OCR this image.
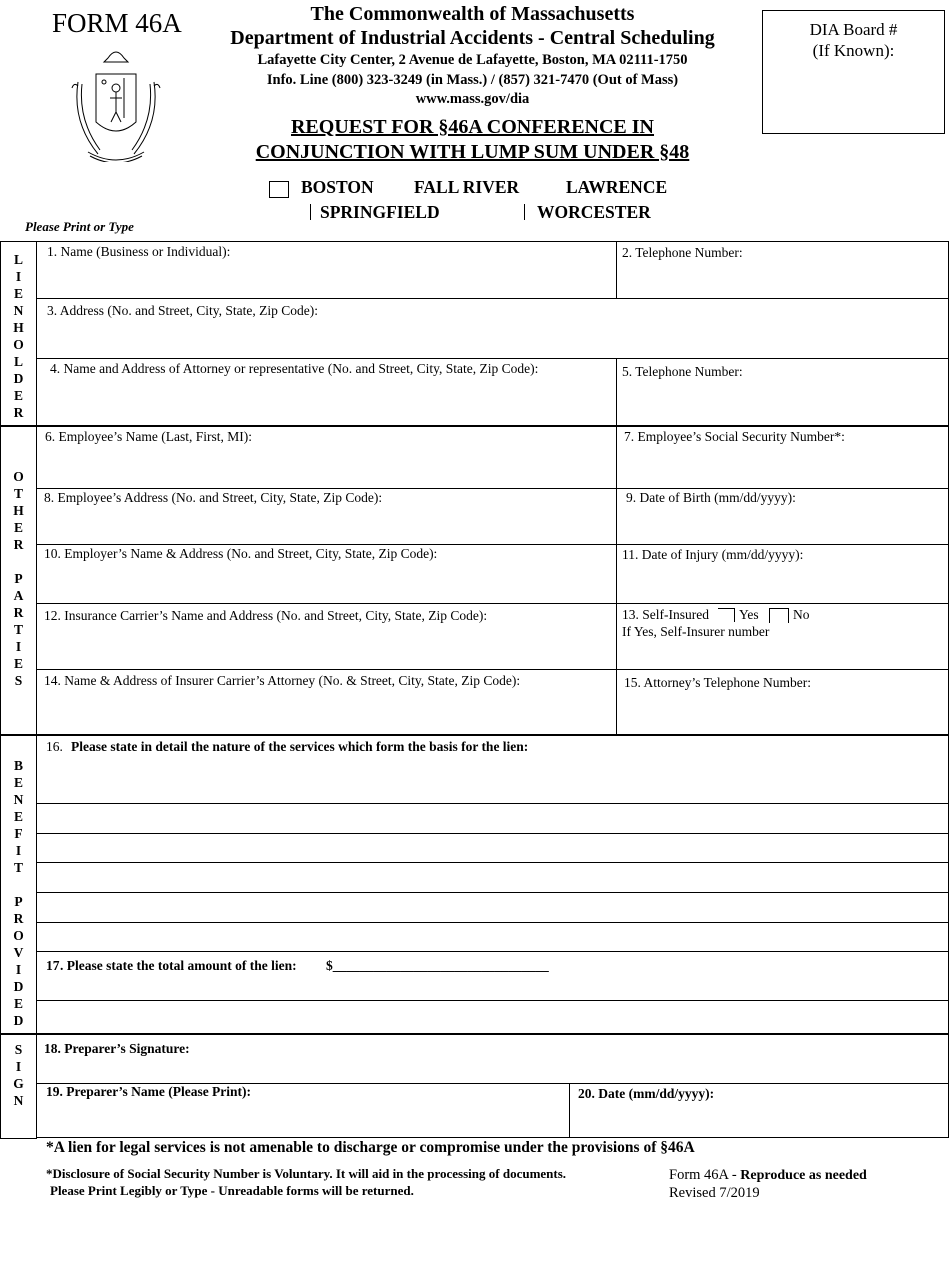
FORM 46A	The Commonwealth of Massachusetts
Department of Industrial Accidents - Central Scheduling
Lafayette City Center, 2 Avenue de Lafayette, Boston, MA 02111-1750
Info. Line (800) 323-3249 (in Mass.) / (857) 321-7470 (Out of Mass)
www.mass.gov/dia
REQUEST FOR §46A CONFERENCE IN
CONJUNCTION WITH LUMP SUM UNDER §48
DIA Board #
(If Known):
BOSTON FALL RIVER	LAWRENCE
SPRINGFIELD	WORCESTER
Please Print or Type
L
I
E
N
H
O
L
D
E
R
O
T
H
E
R
P
A
R
T
I
E
S
B
E
N
E
F
I
T
P
R
O
V
I
D
E
D
S
I
G
N
1. Name (Business or Individual):	2. Telephone Number:
3. Address (No. and Street, City, State, Zip Code):
4. Name and Address of Attorney or representative (No. and Street, City, State, Zip Code):	5. Telephone Number:
6. Employee’s Name (Last, First, MI):	7. Employee’s Social Security Number*:
8. Employee’s Address (No. and Street, City, State, Zip Code):	9. Date of Birth (mm/dd/yyyy):
10. Employer’s Name & Address (No. and Street, City, State, Zip Code):	11. Date of Injury (mm/dd/yyyy):
12. Insurance Carrier’s Name and Address (No. and Street, City, State, Zip Code):	13. Self-Insured Yes	No
If Yes, Self-Insurer number
14. Name & Address of Insurer Carrier’s Attorney (No. & Street, City, State, Zip Code):	15. Attorney’s Telephone Number:
16. Please state in detail the nature of the services which form the basis for the lien:
17 . Please state the total amount of the lien: $________________________________
18. Preparer’s Signature:
19. Preparer’s Name (Please Print):	20. Date (mm/dd/yyyy):
*A lien for legal services is not amenable to discharge or compromise under the provisions of §46A
*Disclosure of Social Security Number is Voluntary. It will aid in the processing of documents.
Please Print Legibly or Type - Unreadable forms will be returned.
Form 46A - Reproduce as needed
Revised 7/2019
